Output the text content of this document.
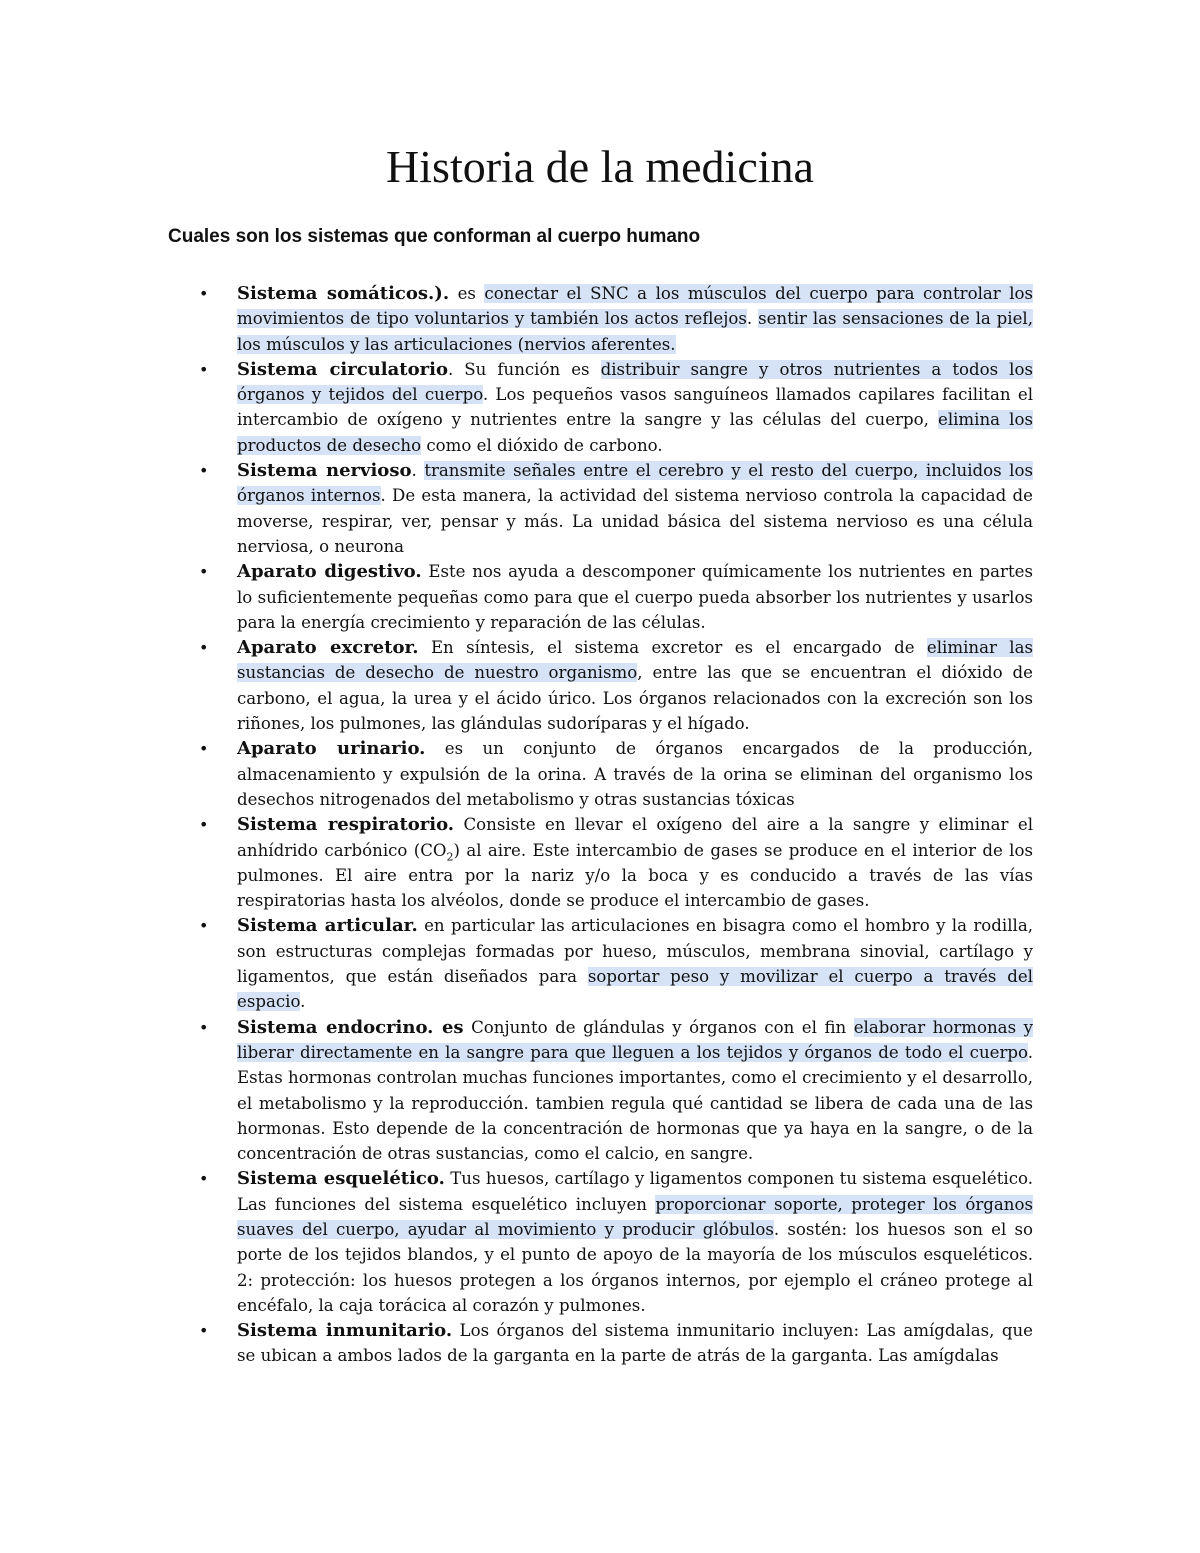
Historia de la medicina
Cuales son los sistemas que conforman al cuerpo humano
• Sistema somáticos.). es conectar el SNC a los músculos del cuerpo para controlar los movimientos de tipo voluntarios y también los actos reflejos. sentir las sensaciones de la piel, los músculos y las articulaciones (nervios aferentes.
• Sistema circulatorio. Su función es distribuir sangre y otros nutrientes a todos los órganos y tejidos del cuerpo. Los pequeños vasos sanguíneos llamados capilares facilitan el intercambio de oxígeno y nutrientes entre la sangre y las células del cuerpo, elimina los productos de desecho como el dióxido de carbono.
• Sistema nervioso. transmite señales entre el cerebro y el resto del cuerpo, incluidos los órganos internos. De esta manera, la actividad del sistema nervioso controla la capacidad de moverse, respirar, ver, pensar y más. La unidad básica del sistema nervioso es una célula nerviosa, o neurona
• Aparato digestivo. Este nos ayuda a descomponer químicamente los nutrientes en partes lo suficientemente pequeñas como para que el cuerpo pueda absorber los nutrientes y usarlos para la energía crecimiento y reparación de las células.
• Aparato excretor. En síntesis, el sistema excretor es el encargado de eliminar las sustancias de desecho de nuestro organismo, entre las que se encuentran el dióxido de carbono, el agua, la urea y el ácido úrico. Los órganos relacionados con la excreción son los riñones, los pulmones, las glándulas sudoríparas y el hígado.
• Aparato urinario. es un conjunto de órganos encargados de la producción, almacenamiento y expulsión de la orina. A través de la orina se eliminan del organismo los desechos nitrogenados del metabolismo y otras sustancias tóxicas
• Sistema respiratorio. Consiste en llevar el oxígeno del aire a la sangre y eliminar el anhídrido carbónico $(CO_2)$ al aire. Este intercambio de gases se produce en el interior de los pulmones. El aire entra por la nariz y/o la boca y es conducido a través de las vías respiratorias hasta los alvéolos, donde se produce el intercambio de gases.
• Sistema articular. en particular las articulaciones en bisagra como el hombro y la rodilla, son estructuras complejas formadas por hueso, músculos, membrana sinovial, cartílago y ligamentos, que están diseñados para soportar peso y movilizar el cuerpo a través del espacio.
• Sistema endocrino. es Conjunto de glándulas y órganos con el fin elaborar hormonas y liberar directamente en la sangre para que lleguen a los tejidos y órganos de todo el cuerpo. Estas hormonas controlan muchas funciones importantes, como el crecimiento y el desarrollo, el metabolismo y la reproducción. tambien regula qué cantidad se libera de cada una de las hormonas. Esto depende de la concentración de hormonas que ya haya en la sangre, o de la concentración de otras sustancias, como el calcio, en sangre.
• Sistema esquelético. Tus huesos, cartílago y ligamentos componen tu sistema esquelético. Las funciones del sistema esquelético incluyen proporcionar soporte, proteger los órganos suaves del cuerpo, ayudar al movimiento y producir glóbulos. sostén: los huesos son el so porte de los tejidos blandos, y el punto de apoyo de la mayoría de los músculos esqueléticos. 2: protección: los huesos protegen a los órganos internos, por ejemplo el cráneo protege al encéfalo, la caja torácica al corazón y pulmones.
• Sistema inmunitario. Los órganos del sistema inmunitario incluyen: Las amígdalas, que se ubican a ambos lados de la garganta en la parte de atrás de la garganta. Las amígdalas
